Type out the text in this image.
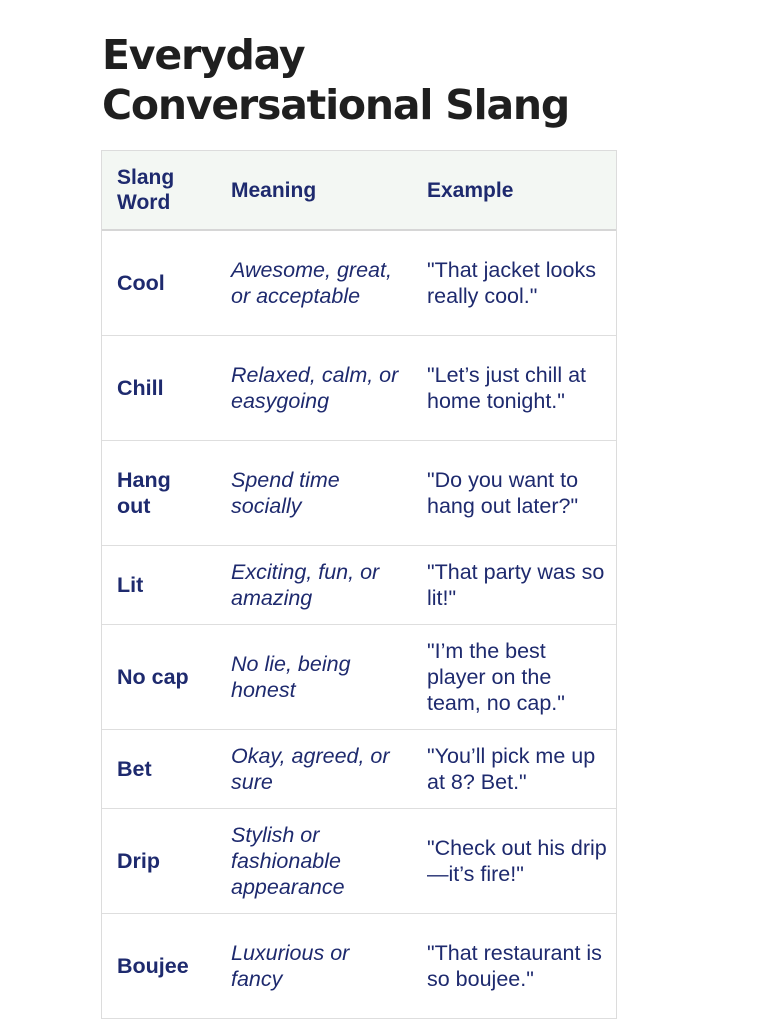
Everyday
Conversational Slang
Slang Word	Meaning	Example
Cool	Awesome, great, or acceptable	"That jacket looks really cool."
Chill	Relaxed, calm, or easygoing	"Let’s just chill at home tonight."
Hang out	Spend time socially	"Do you want to hang out later?"
Lit	Exciting, fun, or amazing	"That party was so lit!"
No cap	No lie, being honest	"I’m the best player on the team, no cap."
Bet	Okay, agreed, or sure	"You’ll pick me up at 8? Bet."
Drip	Stylish or fashionable appearance	"Check out his drip—it’s fire!"
Boujee	Luxurious or fancy	"That restaurant is so boujee."
